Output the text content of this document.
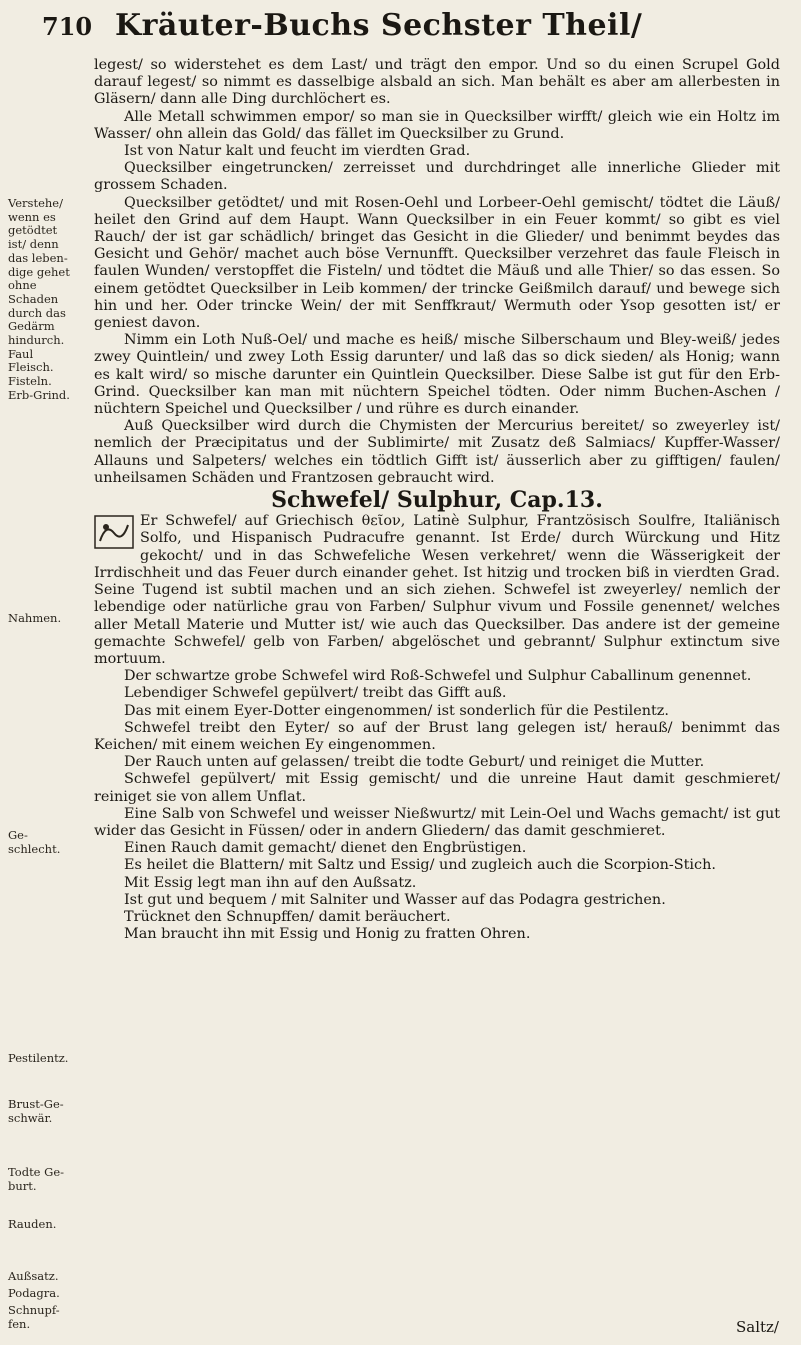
710 Kräuter-Buchs Sechster Theil/
Verstehe/ wenn es getödtet ist/ denn das leben-dige gehet ohne Schaden durch das Gedärm hindurch. Faul Fleisch. Fisteln. Erb-Grind.
Nahmen.
Ge-schlecht.
Pestilentz.
Brust-Ge-schwär.
Todte Ge-burt.
Rauden.
Außsatz.
Podagra.
Schnupf-fen.

legest/ so widerstehet es dem Last/ und trägt den empor. Und so du einen Scrupel Gold darauf legest/ so nimmt es dasselbige alsbald an sich. Man behält es aber am allerbesten in Gläsern/ dann alle Ding durchlöchert es.

Alle Metall schwimmen empor/ so man sie in Quecksilber wirfft/ gleich wie ein Holtz im Wasser/ ohn allein das Gold/ das fället im Quecksilber zu Grund.

Ist von Natur kalt und feucht im vierdten Grad.

Quecksilber eingetruncken/ zerreisset und durchdringet alle innerliche Glieder mit grossem Schaden.

Quecksilber getödtet/ und mit Rosen-Oehl und Lorbeer-Oehl gemischt/ tödtet die Läuß/ heilet den Grind auf dem Haupt. Wann Quecksilber in ein Feuer kommt/ so gibt es viel Rauch/ der ist gar schädlich/ bringet das Gesicht in die Glieder/ und benimmt beydes das Gesicht und Gehör/ machet auch böse Vernunfft. Quecksilber verzehret das faule Fleisch in faulen Wunden/ verstopffet die Fisteln/ und tödtet die Mäuß und alle Thier/ so das essen. So einem getödtet Quecksilber in Leib kommen/ der trincke Geißmilch darauf/ und bewege sich hin und her. Oder trincke Wein/ der mit Senffkraut/ Wermuth oder Ysop gesotten ist/ er geniest davon.

Nimm ein Loth Nuß-Oel/ und mache es heiß/ mische Silberschaum und Bley-weiß/ jedes zwey Quintlein/ und zwey Loth Essig darunter/ und laß das so dick sieden/ als Honig; wann es kalt wird/ so mische darunter ein Quintlein Quecksilber. Diese Salbe ist gut für den Erb-Grind. Quecksilber kan man mit nüchtern Speichel tödten. Oder nimm Buchen-Aschen / nüchtern Speichel und Quecksilber / und rühre es durch einander.

Auß Quecksilber wird durch die Chymisten der Mercurius bereitet/ so zweyerley ist/ nemlich der Præcipitatus und der Sublimirte/ mit Zusatz deß Salmiacs/ Kupffer-Wasser/ Allauns und Salpeters/ welches ein tödtlich Gifft ist/ äusserlich aber zu gifftigen/ faulen/ unheilsamen Schäden und Frantzosen gebraucht wird.

Schwefel/ Sulphur, Cap.13.

Er Schwefel/ auf Griechisch θεῖον, Latinè Sulphur, Frantzösisch Soulfre, Italiänisch Solfo, und Hispanisch Pudracufre genannt. Ist Erde/ durch Würckung und Hitz gekocht/ und in das Schwefeliche Wesen verkehret/ wenn die Wässerigkeit der Irrdischheit und das Feuer durch einander gehet. Ist hitzig und trocken biß in vierdten Grad. Seine Tugend ist subtil machen und an sich ziehen. Schwefel ist zweyerley/ nemlich der lebendige oder natürliche grau von Farben/ Sulphur vivum und Fossile genennet/ welches aller Metall Materie und Mutter ist/ wie auch das Quecksilber. Das andere ist der gemeine gemachte Schwefel/ gelb von Farben/ abgelöschet und gebrannt/ Sulphur extinctum sive mortuum.

Der schwartze grobe Schwefel wird Roß-Schwefel und Sulphur Caballinum genennet.

Lebendiger Schwefel gepülvert/ treibt das Gifft auß.

Das mit einem Eyer-Dotter eingenommen/ ist sonderlich für die Pestilentz.

Schwefel treibt den Eyter/ so auf der Brust lang gelegen ist/ herauß/ benimmt das Keichen/ mit einem weichen Ey eingenommen.

Der Rauch unten auf gelassen/ treibt die todte Geburt/ und reiniget die Mutter.

Schwefel gepülvert/ mit Essig gemischt/ und die unreine Haut damit geschmieret/ reiniget sie von allem Unflat.

Eine Salb von Schwefel und weisser Nießwurtz/ mit Lein-Oel und Wachs gemacht/ ist gut wider das Gesicht in Füssen/ oder in andern Gliedern/ das damit geschmieret.

Einen Rauch damit gemacht/ dienet den Engbrüstigen.

Es heilet die Blattern/ mit Saltz und Essig/ und zugleich auch die Scorpion-Stich.

Mit Essig legt man ihn auf den Außsatz.

Ist gut und bequem / mit Salniter und Wasser auf das Podagra gestrichen.

Trücknet den Schnupffen/ damit beräuchert.

Man braucht ihn mit Essig und Honig zu fratten Ohren.

Saltz/
